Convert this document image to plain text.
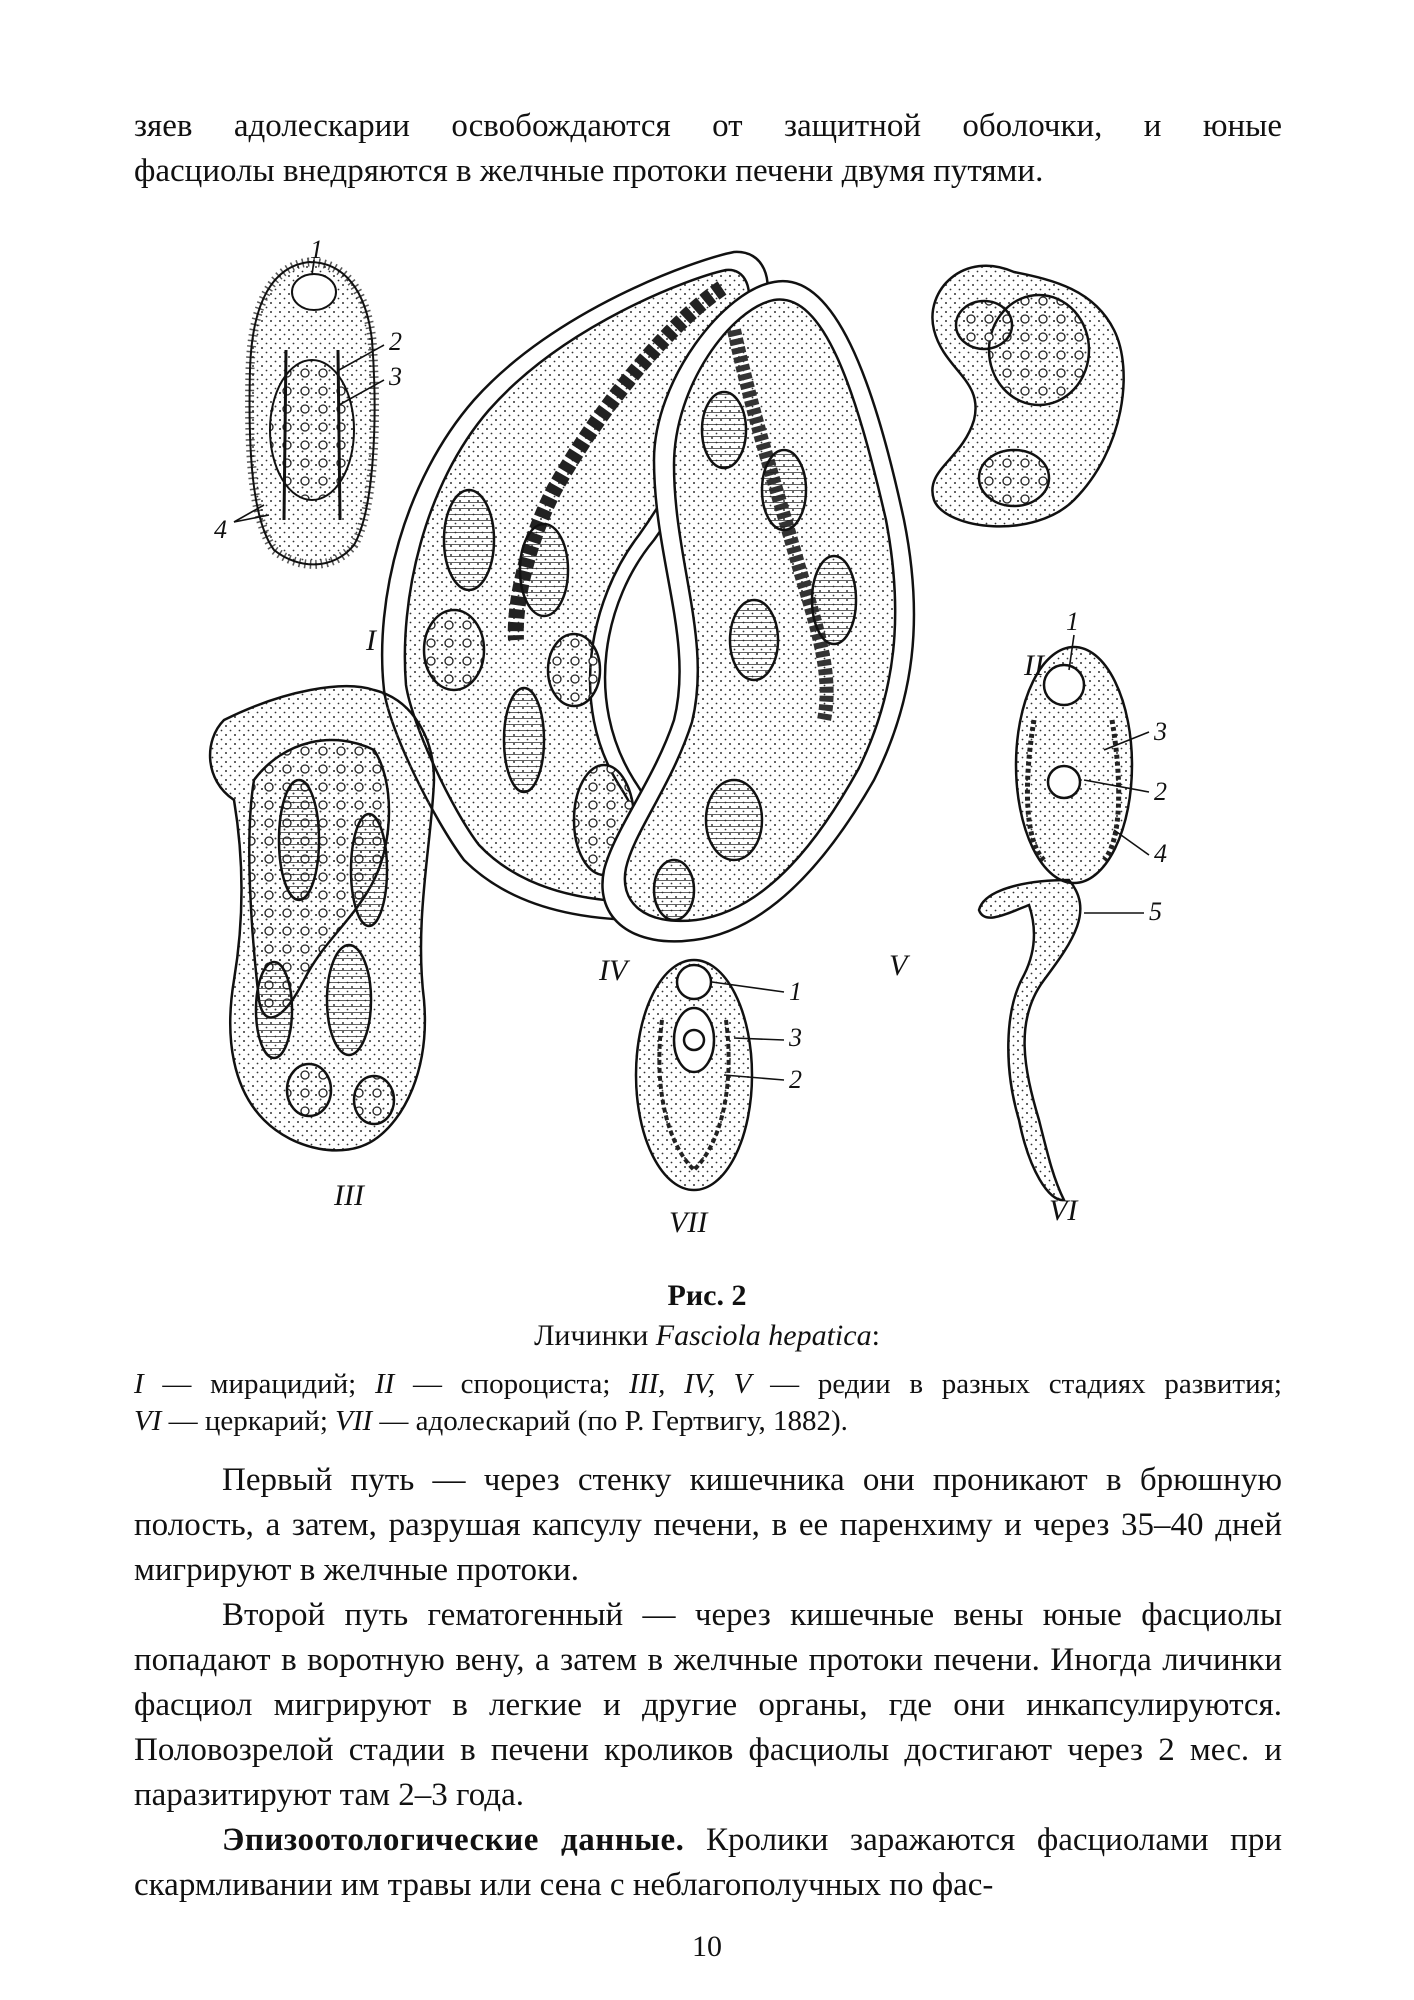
зяев адолескарии освобождаются от защитной оболочки, и юные

фасциолы внедряются в желчные протоки печени двумя путями.

I
II
III
IV	V
VI
VII
1
2
3
4
1
3
2
4
5
1
3
2
Рис. 2
Личинки Fasciola hepatica:
I — мирацидий; II — спороциста; III, IV, V — редии в разных стадиях развития;
VI — церкарий; VII — адолескарий (по Р. Гертвигу, 1882).

Первый путь — через стенку кишечника они проникают в брюшную полость, а затем, разрушая капсулу печени, в ее паренхиму и через 35–40 дней мигрируют в желчные протоки.

Второй путь гематогенный — через кишечные вены юные фасциолы попадают в воротную вену, а затем в желчные протоки печени. Иногда личинки фасциол мигрируют в легкие и другие органы, где они инкапсулируются. Половозрелой стадии в печени кроликов фасциолы достигают через 2 мес. и паразитируют там 2–3 года.

Эпизоотологические данные. Кролики заражаются фасциолами при скармливании им травы или сена с неблагополучных по фас-

10
